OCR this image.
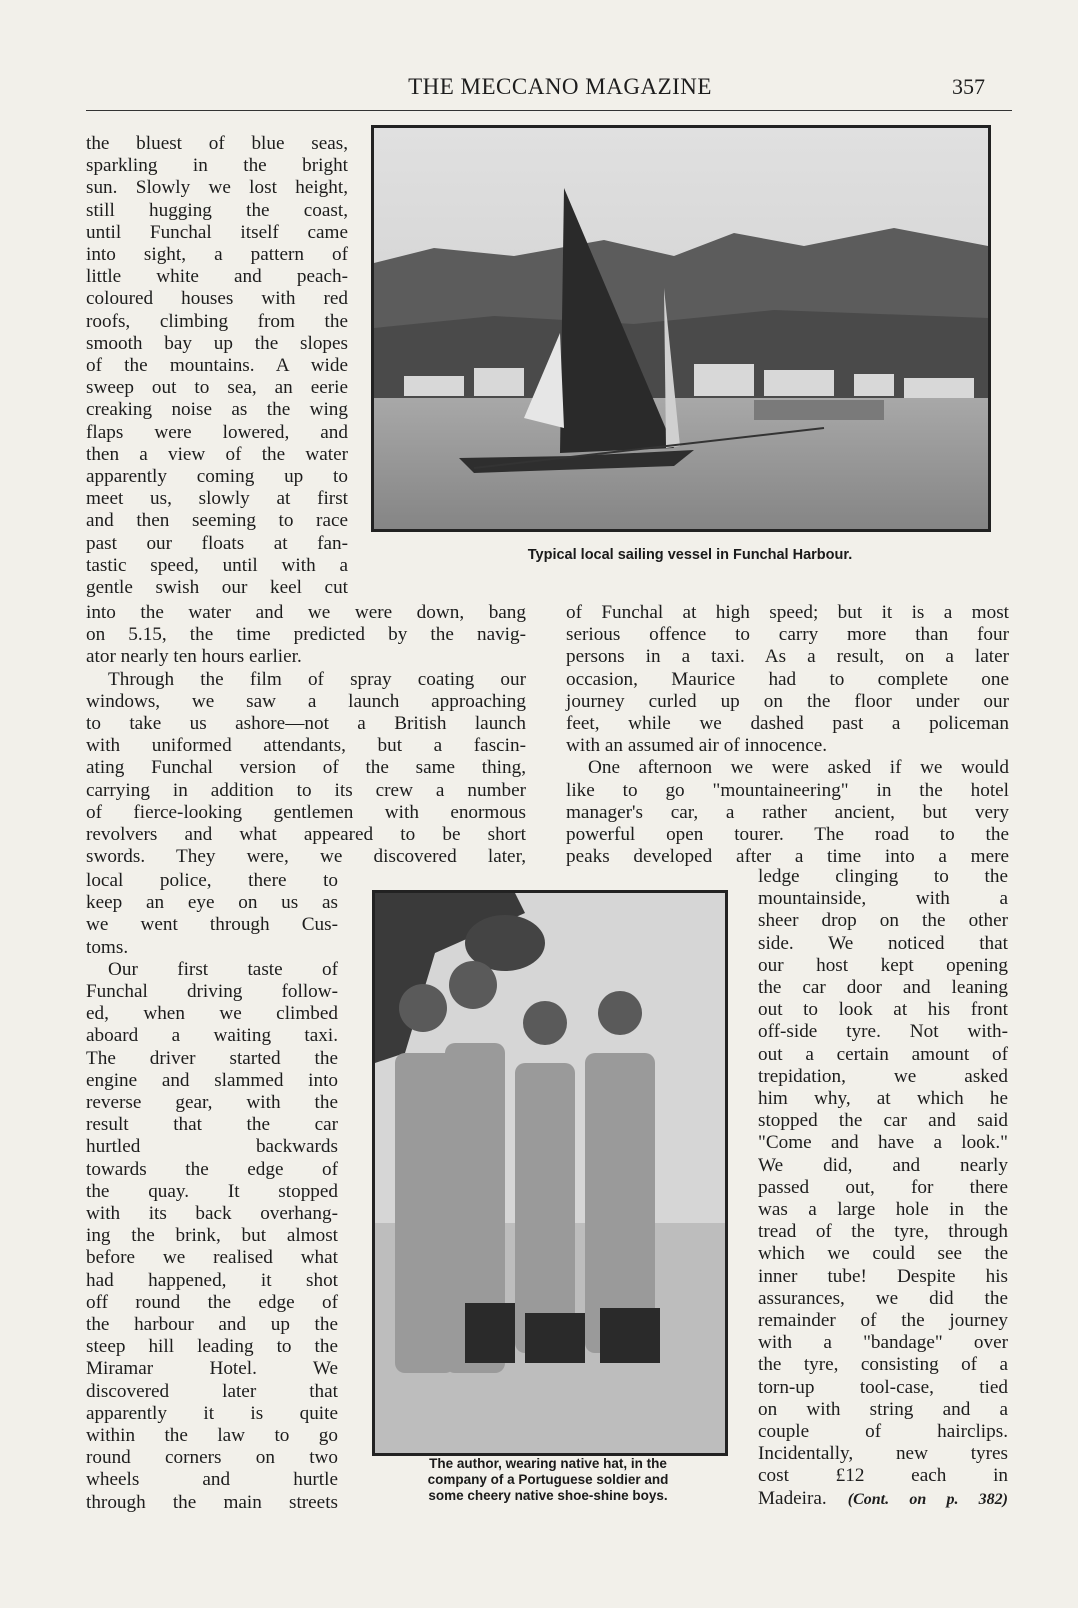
THE MECCANO MAGAZINE	357

the bluest of blue seas,

sparkling in the bright

sun. Slowly we lost height,

still hugging the coast,

until Funchal itself came

into sight, a pattern of

little white and peach-

coloured houses with red

roofs, climbing from the

smooth bay up the slopes

of the mountains. A wide

sweep out to sea, an eerie

creaking noise as the wing

flaps were lowered, and

then a view of the water

apparently coming up to

meet us, slowly at first

and then seeming to race

past our floats at fan-

tastic speed, until with a

gentle swish our keel cut

Typical local sailing vessel in Funchal Harbour.

into the water and we were down, bang

on 5.15, the time predicted by the navig-

ator nearly ten hours earlier.

Through the film of spray coating our

windows, we saw a launch approaching

to take us ashore—not a British launch

with uniformed attendants, but a fascin-

ating Funchal version of the same thing,

carrying in addition to its crew a number

of fierce-looking gentlemen with enormous

revolvers and what appeared to be short

swords. They were, we discovered later,

of Funchal at high speed; but it is a most

serious offence to carry more than four

persons in a taxi. As a result, on a later

occasion, Maurice had to complete one

journey curled up on the floor under our

feet, while we dashed past a policeman

with an assumed air of innocence.

One afternoon we were asked if we would

like to go "mountaineering" in the hotel

manager's car, a rather ancient, but very

powerful open tourer. The road to the

peaks developed after a time into a mere

local police, there to

keep an eye on us as

we went through Cus-

toms.

Our first taste of

Funchal driving follow-

ed, when we climbed

aboard a waiting taxi.

The driver started the

engine and slammed into

reverse gear, with the

result that the car

hurtled backwards

towards the edge of

the quay. It stopped

with its back overhang-

ing the brink, but almost

before we realised what

had happened, it shot

off round the edge of

the harbour and up the

steep hill leading to the

Miramar Hotel. We

discovered later that

apparently it is quite

within the law to go

round corners on two

wheels and hurtle

through the main streets

The author, wearing native hat, in the
company of a Portuguese soldier and
some cheery native shoe-shine boys.

ledge clinging to the

mountainside, with a

sheer drop on the other

side. We noticed that

our host kept opening

the car door and leaning

out to look at his front

off-side tyre. Not with-

out a certain amount of

trepidation, we asked

him why, at which he

stopped the car and said

"Come and have a look."

We did, and nearly

passed out, for there

was a large hole in the

tread of the tyre, through

which we could see the

inner tube! Despite his

assurances, we did the

remainder of the journey

with a "bandage" over

the tyre, consisting of a

torn-up tool-case, tied

on with string and a

couple of hairclips.

Incidentally, new tyres

cost £12 each in

Madeira. (Cont. on p. 382)
